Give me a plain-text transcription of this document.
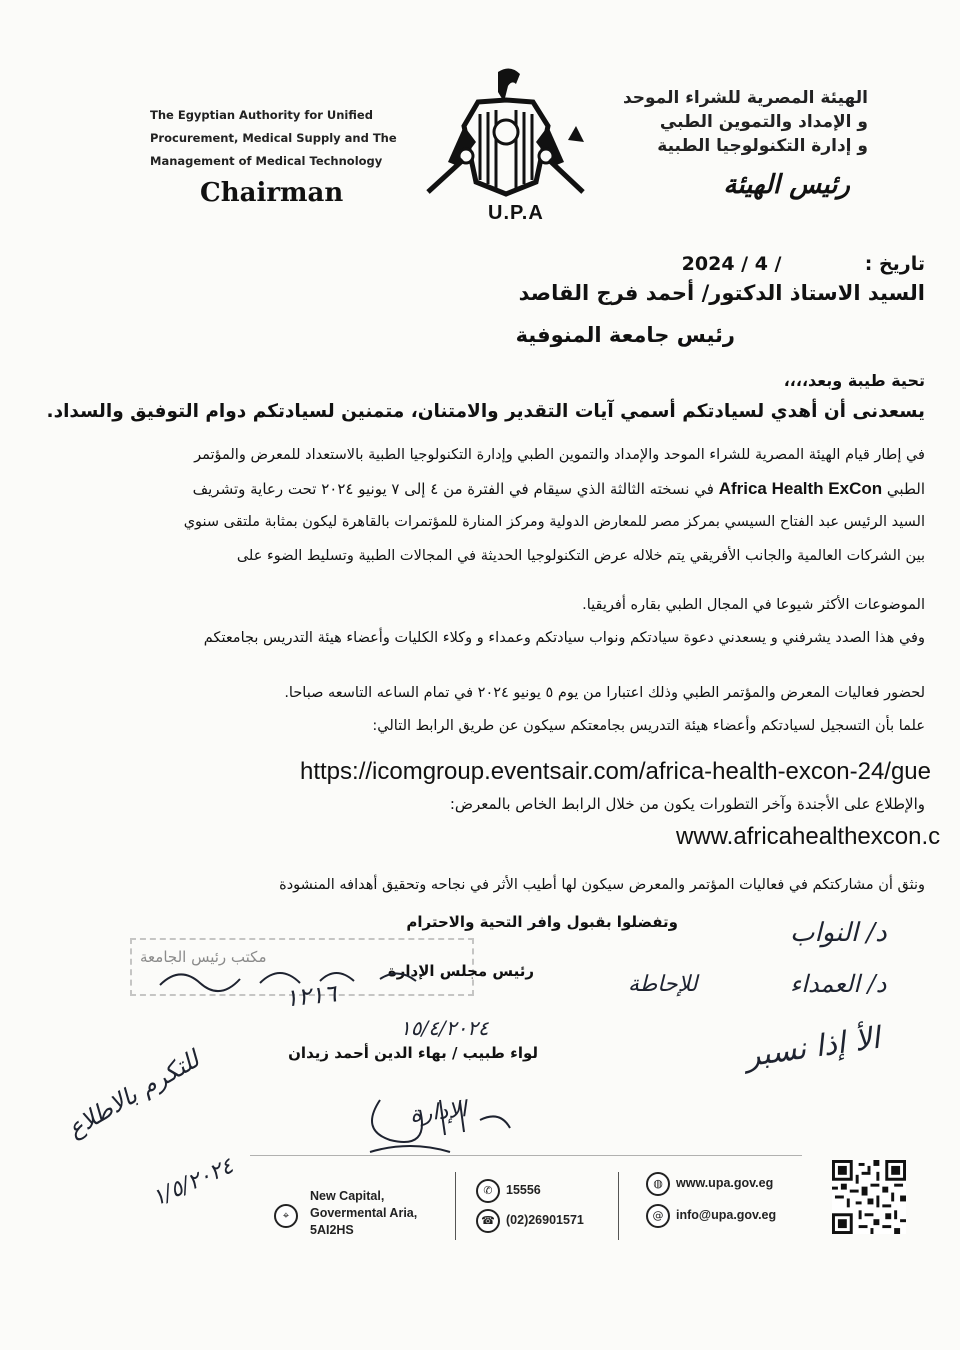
The Egyptian Authority for Unified
Procurement, Medical Supply and The
Management of Medical Technology
Chairman
U.P.A
الهيئة المصرية للشراء الموحد
و الإمداد والتموين الطبي
و إدارة التكنولوجيا الطبية
رئيس الهيئة
تاريخ :  2024 / 4 /
السيد الاستاذ الدكتور/ أحمد فرج القاصد
رئيس جامعة المنوفية
تحية طيبة وبعد،،،،
يسعدنى أن أهدي لسيادتكم أسمي آيات التقدير والامتنان، متمنين لسيادتكم دوام التوفيق والسداد.
في إطار قيام الهيئة المصرية للشراء الموحد والإمداد والتموين الطبي وإدارة التكنولوجيا الطبية بالاستعداد للمعرض والمؤتمر
الطبي Africa Health ExCon في نسخته الثالثة الذي سيقام في الفترة من ٤ إلى ٧ يونيو ٢٠٢٤ تحت رعاية وتشريف
السيد الرئيس عبد الفتاح السيسي بمركز مصر للمعارض الدولية ومركز المنارة للمؤتمرات بالقاهرة ليكون بمثابة ملتقى سنوي
بين الشركات العالمية والجانب الأفريقي يتم خلاله عرض التكنولوجيا الحديثة في المجالات الطبية وتسليط الضوء على
الموضوعات الأكثر شيوعا في المجال الطبي بقاره أفريقيا.
وفي هذا الصدد يشرفني و يسعدني دعوة سيادتكم ونواب سيادتكم وعمداء و وكلاء الكليات وأعضاء هيئة التدريس بجامعتكم
لحضور فعاليات المعرض والمؤتمر الطبي وذلك اعتبارا من يوم ٥ يونيو ٢٠٢٤ في تمام الساعه التاسعه صباحا.
علما بأن التسجيل لسيادتكم وأعضاء هيئة التدريس بجامعتكم سيكون عن طريق الرابط التالي:
https://icomgroup.eventsair.com/africa-health-excon-24/gue
والإطلاع على الأجندة وآخر التطورات يكون من خلال الرابط الخاص بالمعرض:
www.africahealthexcon.c
ونثق أن مشاركتكم في فعاليات المؤتمر والمعرض سيكون لها أطيب الأثر في نجاحه وتحقيق أهدافه المنشودة
وتفضلوا بقبول وافر التحية والاحترام
مكتب رئيس الجامعة
رئيس مجلس الإدارة
لواء طبيب / بهاء الدين أحمد زيدان
د/ النواب
د/ العمداء
للإحاطة
الأ إذا نسبر
١٢١٦
١٥/٤/٢٠٢٤
للتكرم بالاطلاع	الإدارة
١/٥/٢٠٢٤
⌖
New Capital,
Govermental Aria,
5AI2HS
✆	15556
☎ (02)26901571
◍	www.upa.gov.eg
@	info@upa.gov.eg
